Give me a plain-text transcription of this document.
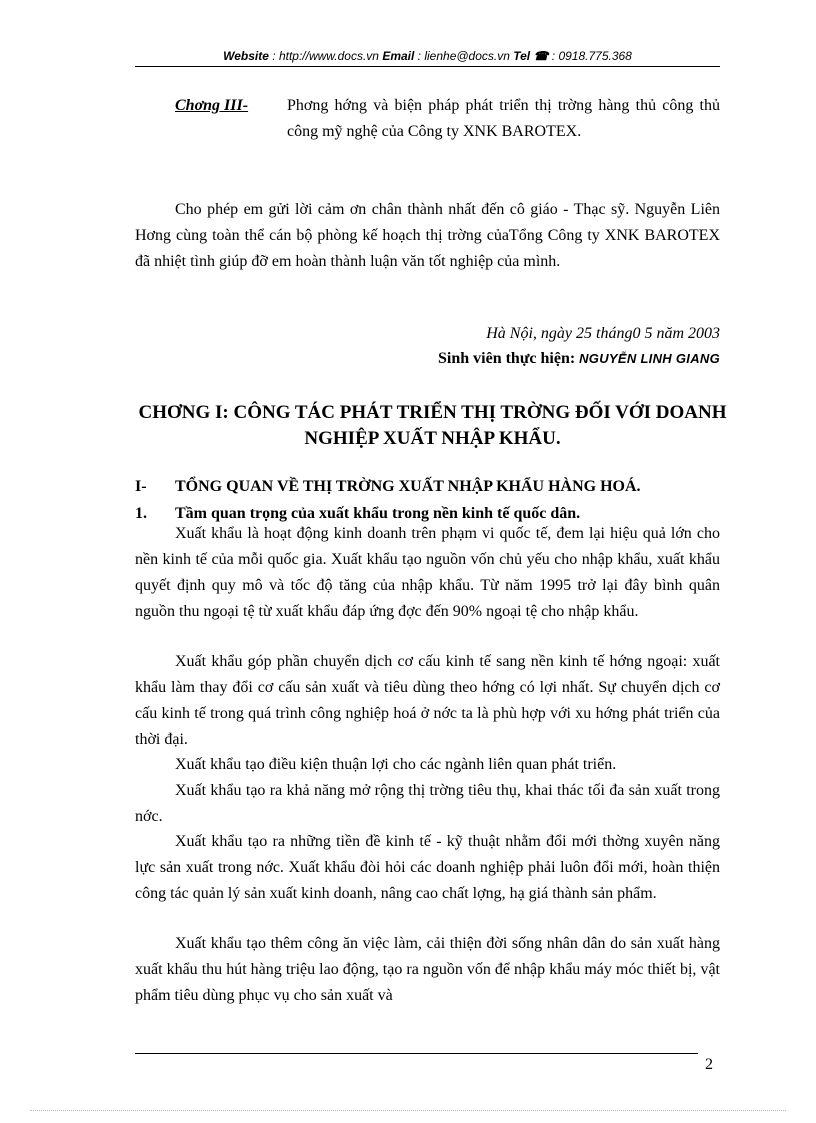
Website : http://www.docs.vn Email : lienhe@docs.vn Tel ☎ : 0918.775.368
Chơng III- Phơng hớng và biện pháp phát triển thị trờng hàng thủ công thủ công mỹ nghệ của Công ty XNK BAROTEX.
Cho phép em gửi lời cảm ơn chân thành nhất đến cô giáo - Thạc sỹ. Nguyễn Liên Hơng cùng toàn thể cán bộ phòng kế hoạch thị trờng củaTổng Công ty XNK BAROTEX đã nhiệt tình giúp đỡ em hoàn thành luận văn tốt nghiệp của mình.
Hà Nội, ngày 25 tháng0 5 năm 2003
Sinh viên thực hiện: NGUYỄN LINH GIANG
CHƠNG I: CÔNG TÁC PHÁT TRIỂN THỊ TRỜNG ĐỐI VỚI DOANH NGHIỆP XUẤT NHẬP KHẨU.
I- TỔNG QUAN VỀ THỊ TRỜNG XUẤT NHẬP KHẨU HÀNG HOÁ.
1. Tầm quan trọng của xuất khẩu trong nền kinh tế quốc dân.
Xuất khẩu là hoạt động kinh doanh trên phạm vi quốc tế, đem lại hiệu quả lớn cho nền kinh tế của mỗi quốc gia. Xuất khẩu tạo nguồn vốn chủ yếu cho nhập khẩu, xuất khẩu quyết định quy mô và tốc độ tăng của nhập khẩu. Từ năm 1995 trở lại đây bình quân nguồn thu ngoại tệ từ xuất khẩu đáp ứng đợc đến 90% ngoại tệ cho nhập khẩu.
Xuất khẩu góp phần chuyển dịch cơ cấu kinh tế sang nền kinh tế hớng ngoại: xuất khẩu làm thay đổi cơ cấu sản xuất và tiêu dùng theo hớng có lợi nhất. Sự chuyển dịch cơ cấu kinh tế trong quá trình công nghiệp hoá ở nớc ta là phù hợp với xu hớng phát triển của thời đại.
Xuất khẩu tạo điều kiện thuận lợi cho các ngành liên quan phát triển.
Xuất khẩu tạo ra khả năng mở rộng thị trờng tiêu thụ, khai thác tối đa sản xuất trong nớc.
Xuất khẩu tạo ra những tiền đề kinh tế - kỹ thuật nhằm đổi mới thờng xuyên năng lực sản xuất trong nớc. Xuất khẩu đòi hỏi các doanh nghiệp phải luôn đổi mới, hoàn thiện công tác quản lý sản xuất kinh doanh, nâng cao chất lợng, hạ giá thành sản phẩm.
Xuất khẩu tạo thêm công ăn việc làm, cải thiện đời sống nhân dân do sản xuất hàng xuất khẩu thu hút hàng triệu lao động, tạo ra nguồn vốn để nhập khẩu máy móc thiết bị, vật phẩm tiêu dùng phục vụ cho sản xuất và
2
